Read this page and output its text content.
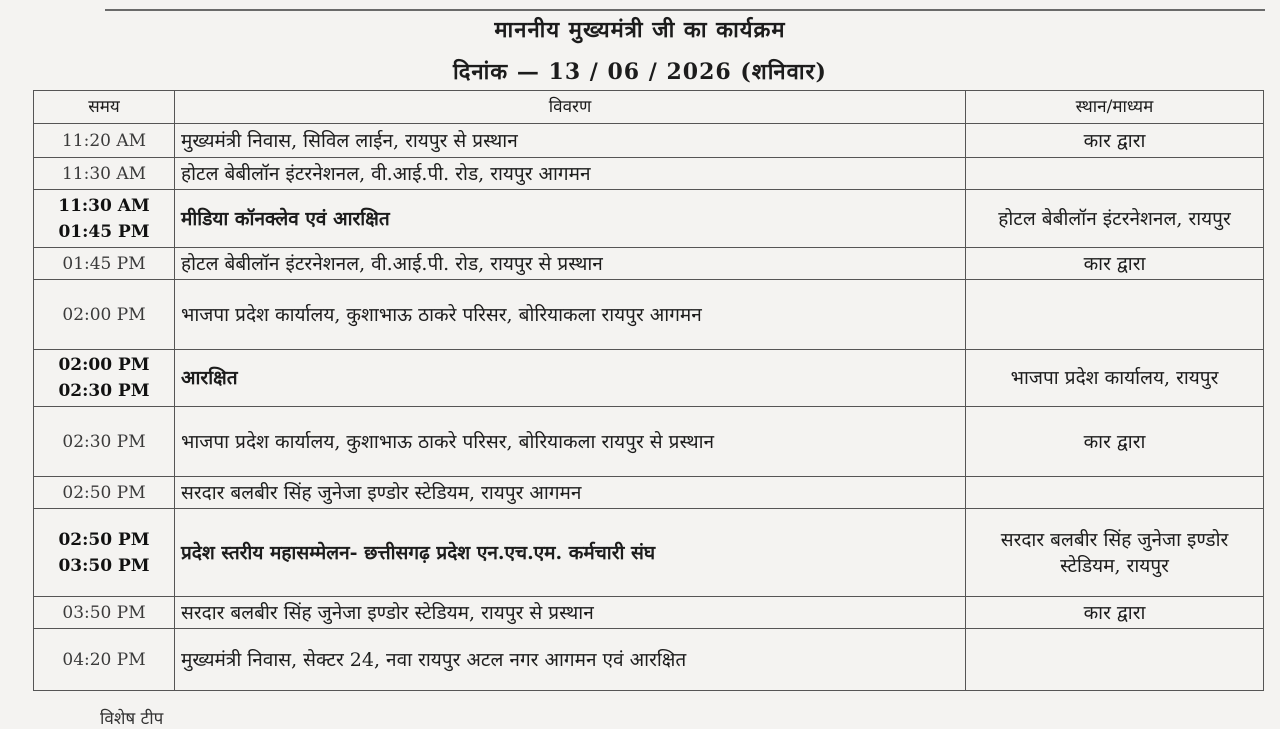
माननीय मुख्यमंत्री जी का कार्यक्रम
दिनांक — 13 / 06 / 2026 (शनिवार)
समय	विवरण	स्थान/माध्यम

11:20 AM	मुख्यमंत्री निवास, सिविल लाईन, रायपुर से प्रस्थान	कार द्वारा

11:30 AM	होटल बेबीलॉन इंटरनेशनल, वी.आई.पी. रोड, रायपुर आगमन	

11:30 AM
01:45 PM	मीडिया कॉनक्लेव एवं आरक्षित	होटल बेबीलॉन इंटरनेशनल, रायपुर

01:45 PM	होटल बेबीलॉन इंटरनेशनल, वी.आई.पी. रोड, रायपुर से प्रस्थान	कार द्वारा

02:00 PM	भाजपा प्रदेश कार्यालय, कुशाभाऊ ठाकरे परिसर, बोरियाकला रायपुर आगमन	

02:00 PM
02:30 PM	आरक्षित	भाजपा प्रदेश कार्यालय, रायपुर

02:30 PM	भाजपा प्रदेश कार्यालय, कुशाभाऊ ठाकरे परिसर, बोरियाकला रायपुर से प्रस्थान	कार द्वारा

02:50 PM	सरदार बलबीर सिंह जुनेजा इण्डोर स्टेडियम, रायपुर आगमन	

02:50 PM
03:50 PM	प्रदेश स्तरीय महासम्मेलन- छत्तीसगढ़ प्रदेश एन.एच.एम. कर्मचारी संघ	सरदार बलबीर सिंह जुनेजा इण्डोर स्टेडियम, रायपुर

03:50 PM	सरदार बलबीर सिंह जुनेजा इण्डोर स्टेडियम, रायपुर से प्रस्थान	कार द्वारा

04:20 PM	मुख्यमंत्री निवास, सेक्टर 24, नवा रायपुर अटल नगर आगमन एवं आरक्षित	
विशेष टीप
